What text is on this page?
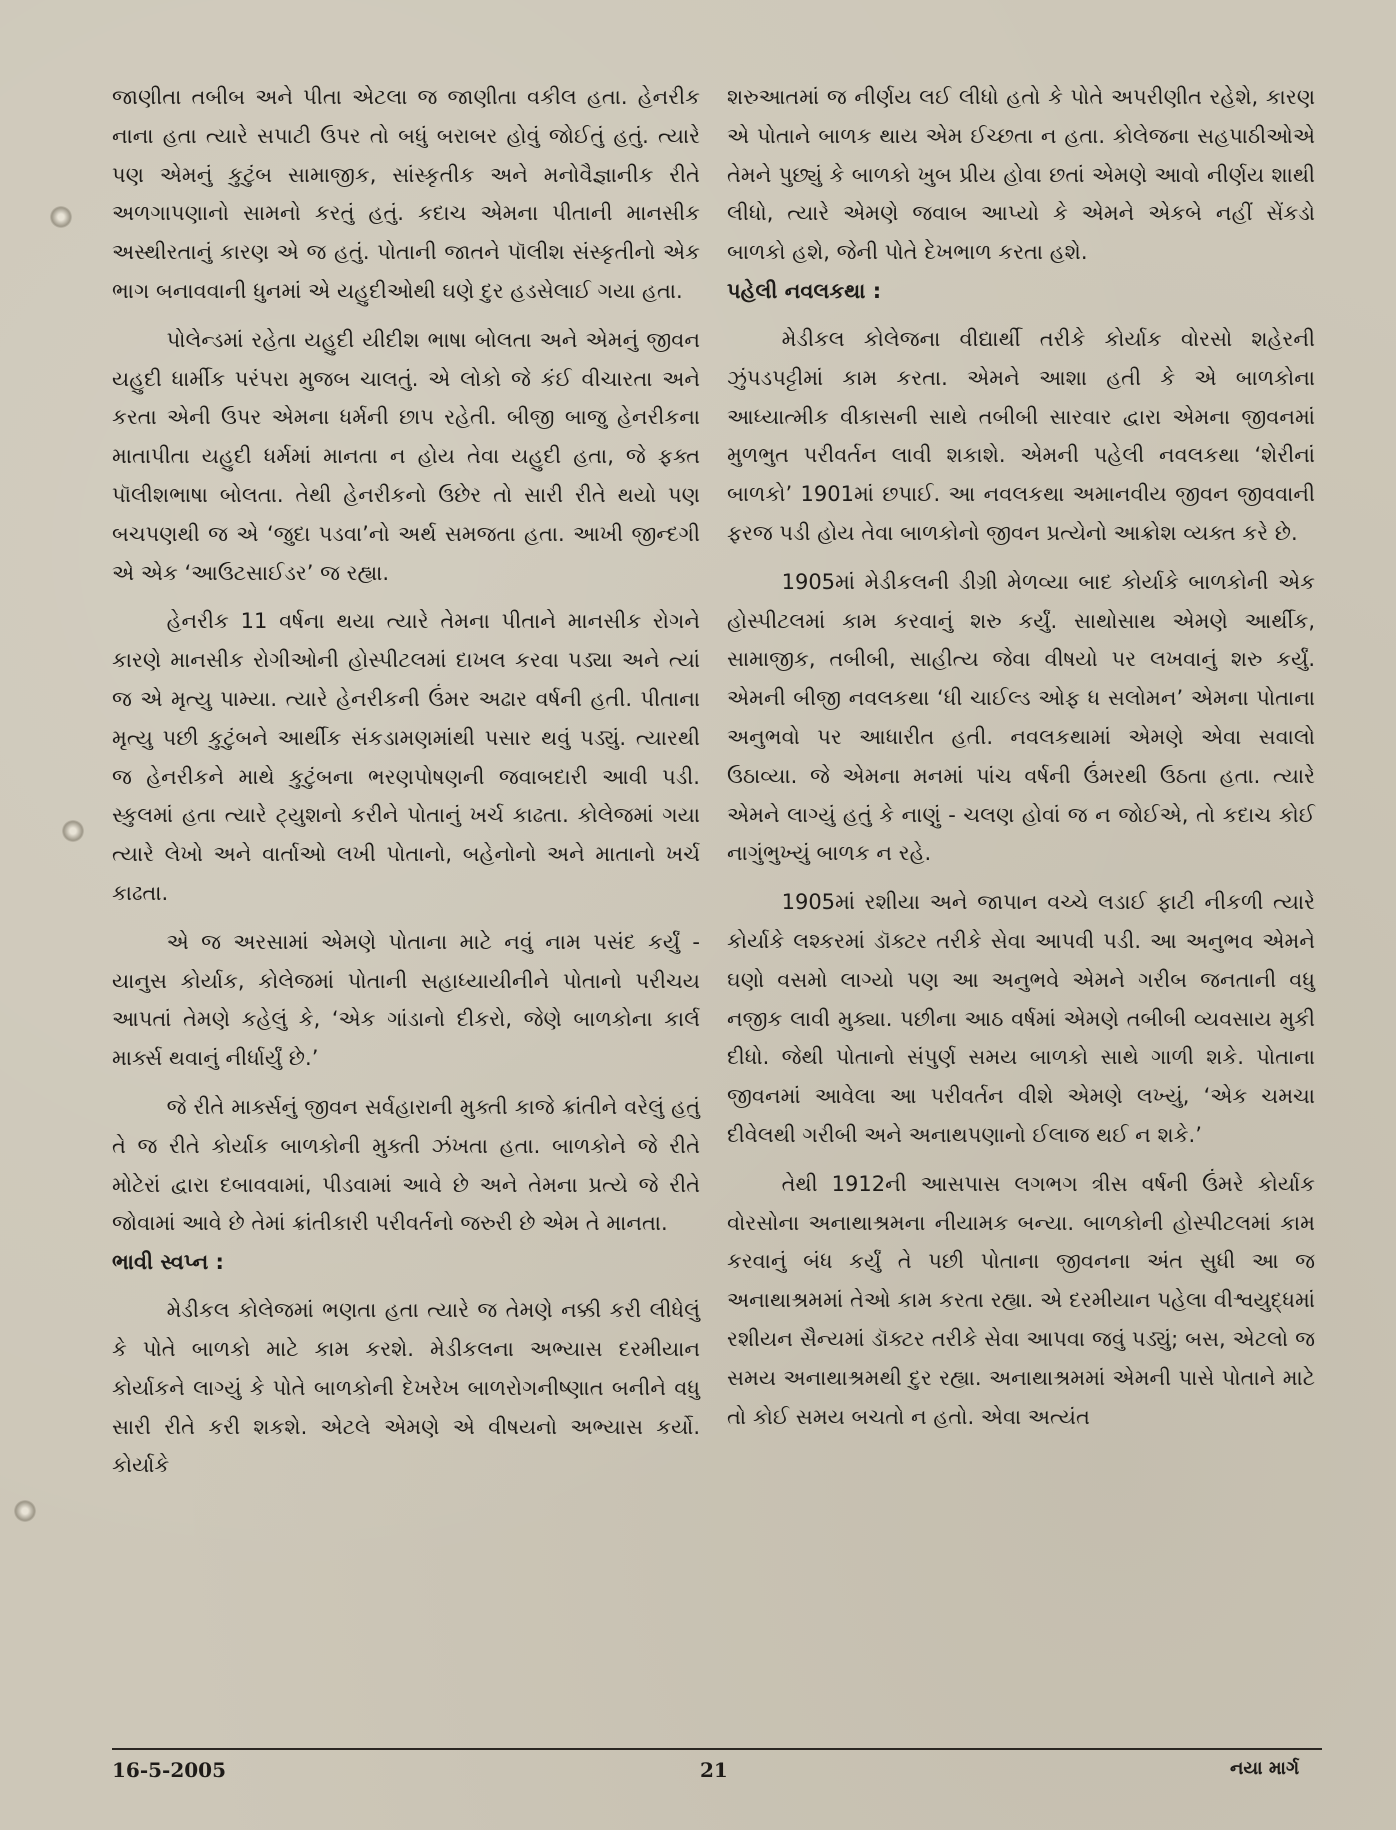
જાણીતા તબીબ અને પીતા એટલા જ જાણીતા વકીલ હતા. હેનરીક નાના હતા ત્યારે સપાટી ઉપર તો બધું બરાબર હોવું જોઈતું હતું. ત્યારે પણ એમનું કુટુંબ સામાજીક, સાંસ્કૃતીક અને મનોવૈજ્ઞાનીક રીતે અળગાપણાનો સામનો કરતું હતું. કદાચ એમના પીતાની માનસીક અસ્થીરતાનું કારણ એ જ હતું. પોતાની જાતને પૉલીશ સંસ્કૃતીનો એક ભાગ બનાવવાની ધુનમાં એ યહુદીઓથી ઘણે દુર હડસેલાઈ ગયા હતા.

પોલેન્ડમાં રહેતા યહુદી યીદીશ ભાષા બોલતા અને એમનું જીવન યહુદી ધાર્મીક પરંપરા મુજબ ચાલતું. એ લોકો જે કંઈ વીચારતા અને કરતા એની ઉપર એમના ધર્મની છાપ રહેતી. બીજી બાજુ હેનરીકના માતાપીતા યહુદી ધર્મમાં માનતા ન હોય તેવા યહુદી હતા, જે ફક્ત પૉલીશભાષા બોલતા. તેથી હેનરીકનો ઉછેર તો સારી રીતે થયો પણ બચપણથી જ એ ‘જુદા પડવા’નો અર્થ સમજતા હતા. આખી જીન્દગી એ એક ‘આઉટસાઈડર’ જ રહ્યા.

હેનરીક 11 વર્ષના થયા ત્યારે તેમના પીતાને માનસીક રોગને કારણે માનસીક રોગીઓની હોસ્પીટલમાં દાખલ કરવા પડ્યા અને ત્યાં જ એ મૃત્યુ પામ્યા. ત્યારે હેનરીકની ઉંમર અઢાર વર્ષની હતી. પીતાના મૃત્યુ પછી કુટુંબને આર્થીક સંકડામણમાંથી પસાર થવું પડ્યું. ત્યારથી જ હેનરીકને માથે કુટુંબના ભરણપોષણની જવાબદારી આવી પડી. સ્કુલમાં હતા ત્યારે ટ્યુશનો કરીને પોતાનું ખર્ચ કાઢતા. કોલેજમાં ગયા ત્યારે લેખો અને વાર્તાઓ લખી પોતાનો, બહેનોનો અને માતાનો ખર્ચ કાઢતા.

એ જ અરસામાં એમણે પોતાના માટે નવું નામ પસંદ કર્યું - યાનુસ કોર્યાક, કોલેજમાં પોતાની સહાધ્યાયીનીને પોતાનો પરીચય આપતાં તેમણે કહેલું કે, ‘એક ગાંડાનો દીકરો, જેણે બાળકોના કાર્લ માર્ક્સ થવાનું નીર્ધાર્યું છે.’

જે રીતે માર્ક્સનું જીવન સર્વહારાની મુક્તી કાજે ક્રાંતીને વરેલું હતું તે જ રીતે કોર્યાક બાળકોની મુક્તી ઝંખતા હતા. બાળકોને જે રીતે મોટેરાં દ્વારા દબાવવામાં, પીડવામાં આવે છે અને તેમના પ્રત્યે જે રીતે જોવામાં આવે છે તેમાં ક્રાંતીકારી પરીવર્તનો જરુરી છે એમ તે માનતા.

ભાવી સ્વપ્ન :

મેડીકલ કોલેજમાં ભણતા હતા ત્યારે જ તેમણે નક્કી કરી લીધેલું કે પોતે બાળકો માટે કામ કરશે. મેડીકલના અભ્યાસ દરમીયાન કોર્યાકને લાગ્યું કે પોતે બાળકોની દેખરેખ બાળરોગનીષ્ણાત બનીને વધુ સારી રીતે કરી શકશે. એટલે એમણે એ વીષયનો અભ્યાસ કર્યો. કોર્યાકે

શરુઆતમાં જ નીર્ણય લઈ લીધો હતો કે પોતે અપરીણીત રહેશે, કારણ એ પોતાને બાળક થાય એમ ઈચ્છતા ન હતા. કોલેજના સહપાઠીઓએ તેમને પુછ્યું કે બાળકો ખુબ પ્રીય હોવા છતાં એમણે આવો નીર્ણય શાથી લીધો, ત્યારે એમણે જવાબ આપ્યો કે એમને એકબે નહીં સેંકડો બાળકો હશે, જેની પોતે દેખભાળ કરતા હશે.

પહેલી નવલકથા :

મેડીકલ કોલેજના વીદ્યાર્થી તરીકે કોર્યાક વોરસો શહેરની ઝુંપડપટ્ટીમાં કામ કરતા. એમને આશા હતી કે એ બાળકોના આધ્યાત્મીક વીકાસની સાથે તબીબી સારવાર દ્વારા એમના જીવનમાં મુળભુત પરીવર્તન લાવી શકાશે. એમની પહેલી નવલકથા ‘શેરીનાં બાળકો’ 1901માં છપાઈ. આ નવલકથા અમાનવીય જીવન જીવવાની ફરજ પડી હોય તેવા બાળકોનો જીવન પ્રત્યેનો આક્રોશ વ્યક્ત કરે છે.

1905માં મેડીકલની ડીગ્રી મેળવ્યા બાદ કોર્યાકે બાળકોની એક હોસ્પીટલમાં કામ કરવાનું શરુ કર્યું. સાથોસાથ એમણે આર્થીક, સામાજીક, તબીબી, સાહીત્ય જેવા વીષયો પર લખવાનું શરુ કર્યું. એમની બીજી નવલકથા ‘ધી ચાઈલ્ડ ઓફ ધ સલોમન’ એમના પોતાના અનુભવો પર આધારીત હતી. નવલકથામાં એમણે એવા સવાલો ઉઠાવ્યા. જે એમના મનમાં પાંચ વર્ષની ઉંમરથી ઉઠતા હતા. ત્યારે એમને લાગ્યું હતું કે નાણું - ચલણ હોવાં જ ન જોઈએ, તો કદાચ કોઈ નાગુંભુખ્યું બાળક ન રહે.

1905માં રશીયા અને જાપાન વચ્ચે લડાઈ ફાટી નીકળી ત્યારે કોર્યાકે લશ્કરમાં ડૉક્ટર તરીકે સેવા આપવી પડી. આ અનુભવ એમને ઘણો વસમો લાગ્યો પણ આ અનુભવે એમને ગરીબ જનતાની વધુ નજીક લાવી મુક્યા. પછીના આઠ વર્ષમાં એમણે તબીબી વ્યવસાય મુકી દીધો. જેથી પોતાનો સંપુર્ણ સમય બાળકો સાથે ગાળી શકે. પોતાના જીવનમાં આવેલા આ પરીવર્તન વીશે એમણે લખ્યું, ‘એક ચમચા દીવેલથી ગરીબી અને અનાથપણાનો ઈલાજ થઈ ન શકે.’

તેથી 1912ની આસપાસ લગભગ ત્રીસ વર્ષની ઉંમરે કોર્યાક વોરસોના અનાથાશ્રમના નીયામક બન્યા. બાળકોની હોસ્પીટલમાં કામ કરવાનું બંધ કર્યું તે પછી પોતાના જીવનના અંત સુધી આ જ અનાથાશ્રમમાં તેઓ કામ કરતા રહ્યા. એ દરમીયાન પહેલા વીશ્વયુદ્ધમાં રશીયન સૈન્યમાં ડૉક્ટર તરીકે સેવા આપવા જવું પડ્યું; બસ, એટલો જ સમય અનાથાશ્રમથી દુર રહ્યા. અનાથાશ્રમમાં એમની પાસે પોતાને માટે તો કોઈ સમય બચતો ન હતો. એવા અત્યંત

16-5-2005	21	નયા માર્ગ
